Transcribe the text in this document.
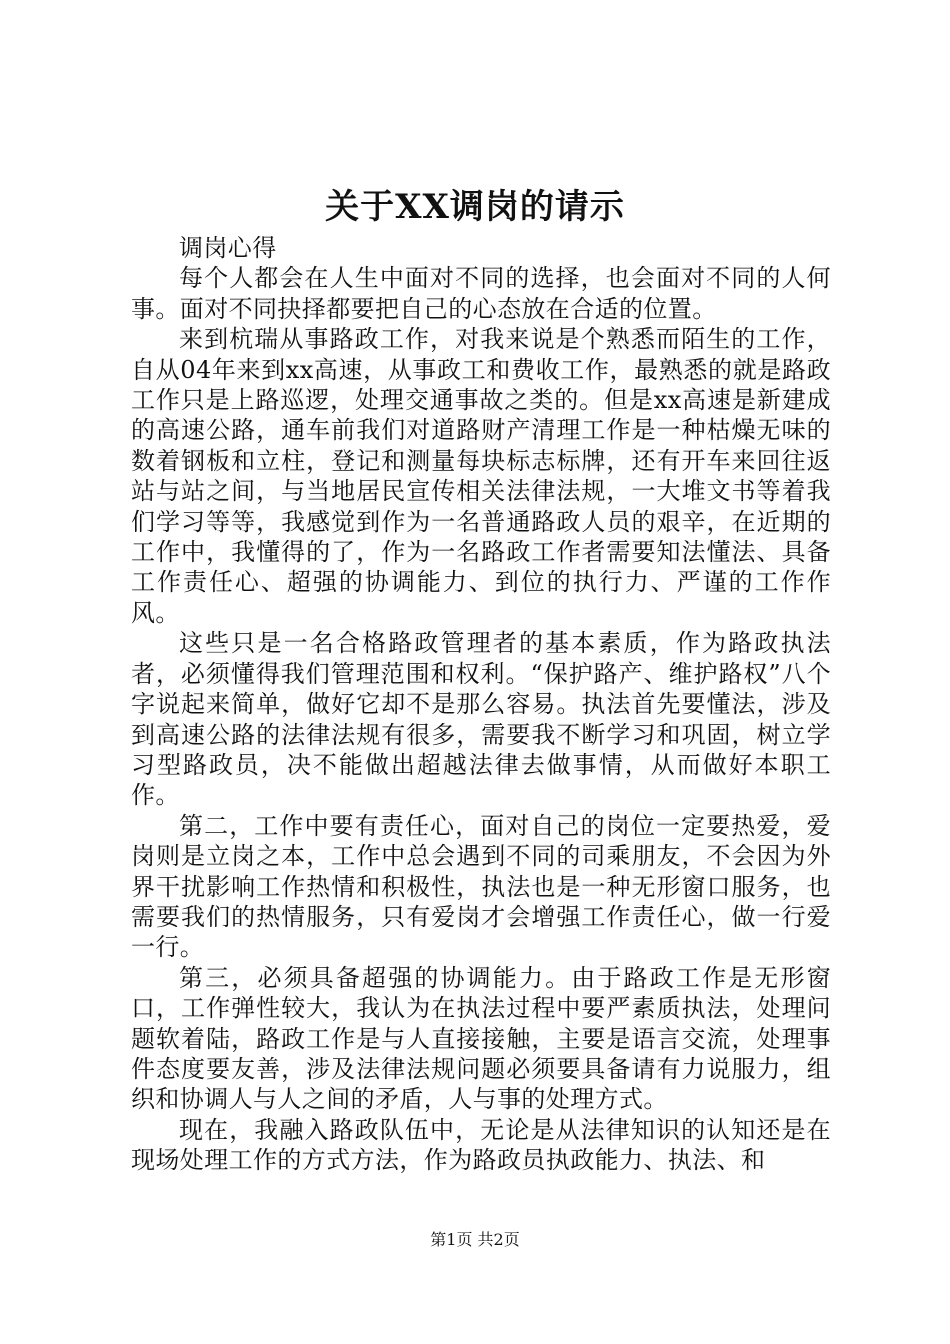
关于XX调岗的请示

调岗心得

每个人都会在人生中面对不同的选择，也会面对不同的人何事。面对不同抉择都要把自己的心态放在合适的位置。

来到杭瑞从事路政工作，对我来说是个熟悉而陌生的工作，自从04年来到xx高速，从事政工和费收工作，最熟悉的就是路政工作只是上路巡逻，处理交通事故之类的。但是xx高速是新建成的高速公路，通车前我们对道路财产清理工作是一种枯燥无味的数着钢板和立柱，登记和测量每块标志标牌，还有开车来回往返站与站之间，与当地居民宣传相关法律法规，一大堆文书等着我们学习等等，我感觉到作为一名普通路政人员的艰辛，在近期的工作中，我懂得的了，作为一名路政工作者需要知法懂法、具备工作责任心、超强的协调能力、到位的执行力、严谨的工作作风。

这些只是一名合格路政管理者的基本素质，作为路政执法者，必须懂得我们管理范围和权利。“保护路产、维护路权”八个字说起来简单，做好它却不是那么容易。执法首先要懂法，涉及到高速公路的法律法规有很多，需要我不断学习和巩固，树立学习型路政员，决不能做出超越法律去做事情，从而做好本职工作。

第二，工作中要有责任心，面对自己的岗位一定要热爱，爱岗则是立岗之本，工作中总会遇到不同的司乘朋友，不会因为外界干扰影响工作热情和积极性，执法也是一种无形窗口服务，也需要我们的热情服务，只有爱岗才会增强工作责任心，做一行爱一行。

第三，必须具备超强的协调能力。由于路政工作是无形窗口，工作弹性较大，我认为在执法过程中要严素质执法，处理问题软着陆，路政工作是与人直接接触，主要是语言交流，处理事件态度要友善，涉及法律法规问题必须要具备请有力说服力，组织和协调人与人之间的矛盾，人与事的处理方式。

现在，我融入路政队伍中，无论是从法律知识的认知还是在现场处理工作的方式方法，作为路政员执政能力、执法、和

第1页 共2页
